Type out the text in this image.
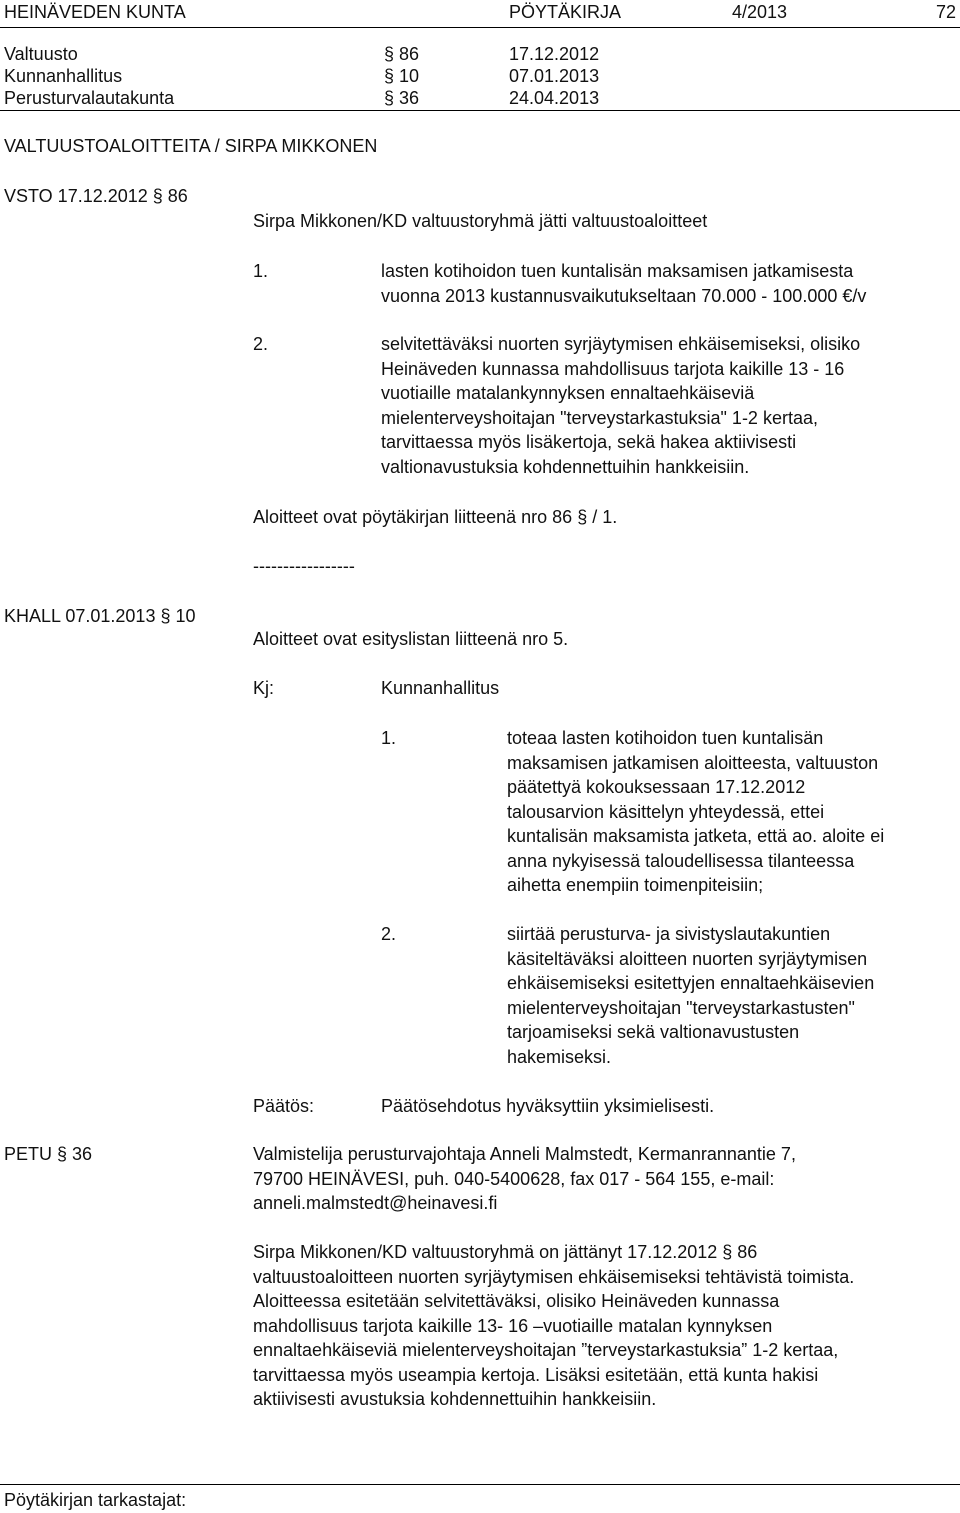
HEINÄVEDEN KUNTA	PÖYTÄKIRJA	4/2013	72
Valtuusto	§ 86	17.12.2012
Kunnanhallitus	§ 10	07.01.2013
Perusturvalautakunta	§ 36	24.04.2013
VALTUUSTOALOITTEITA / SIRPA MIKKONEN
VSTO 17.12.2012 § 86
Sirpa Mikkonen/KD valtuustoryhmä jätti valtuustoaloitteet
1.	lasten kotihoidon tuen kuntalisän maksamisen jatkamisesta
vuonna 2013 kustannusvaikutukseltaan 70.000 - 100.000 €/v
2.	selvitettäväksi nuorten syrjäytymisen ehkäisemiseksi, olisiko
Heinäveden kunnassa mahdollisuus tarjota kaikille 13 - 16
vuotiaille matalankynnyksen ennaltaehkäiseviä
mielenterveyshoitajan "terveystarkastuksia" 1-2 kertaa,
tarvittaessa myös lisäkertoja, sekä hakea aktiivisesti
valtionavustuksia kohdennettuihin hankkeisiin.
Aloitteet ovat pöytäkirjan liitteenä nro 86 § / 1.
-----------------
KHALL 07.01.2013 § 10
Aloitteet ovat esityslistan liitteenä nro 5.
Kj:	Kunnanhallitus
1.	toteaa lasten kotihoidon tuen kuntalisän
maksamisen jatkamisen aloitteesta, valtuuston
päätettyä kokouksessaan 17.12.2012
talousarvion käsittelyn yhteydessä, ettei
kuntalisän maksamista jatketa, että ao. aloite ei
anna nykyisessä taloudellisessa tilanteessa
aihetta enempiin toimenpiteisiin;
2.	siirtää perusturva- ja sivistyslautakuntien
käsiteltäväksi aloitteen nuorten syrjäytymisen
ehkäisemiseksi esitettyjen ennaltaehkäisevien
mielenterveyshoitajan "terveystarkastusten"
tarjoamiseksi sekä valtionavustusten
hakemiseksi.
Päätös:	Päätösehdotus hyväksyttiin yksimielisesti.
PETU § 36	Valmistelija perusturvajohtaja Anneli Malmstedt, Kermanrannantie 7,
79700 HEINÄVESI, puh. 040-5400628, fax 017 - 564 155, e-mail:
anneli.malmstedt@heinavesi.fi
Sirpa Mikkonen/KD valtuustoryhmä on jättänyt 17.12.2012 § 86
valtuustoaloitteen nuorten syrjäytymisen ehkäisemiseksi tehtävistä toimista.
Aloitteessa esitetään selvitettäväksi, olisiko Heinäveden kunnassa
mahdollisuus tarjota kaikille 13- 16 –vuotiaille matalan kynnyksen
ennaltaehkäiseviä mielenterveyshoitajan ”terveystarkastuksia” 1-2 kertaa,
tarvittaessa myös useampia kertoja. Lisäksi esitetään, että kunta hakisi
aktiivisesti avustuksia kohdennettuihin hankkeisiin.
Pöytäkirjan tarkastajat:
